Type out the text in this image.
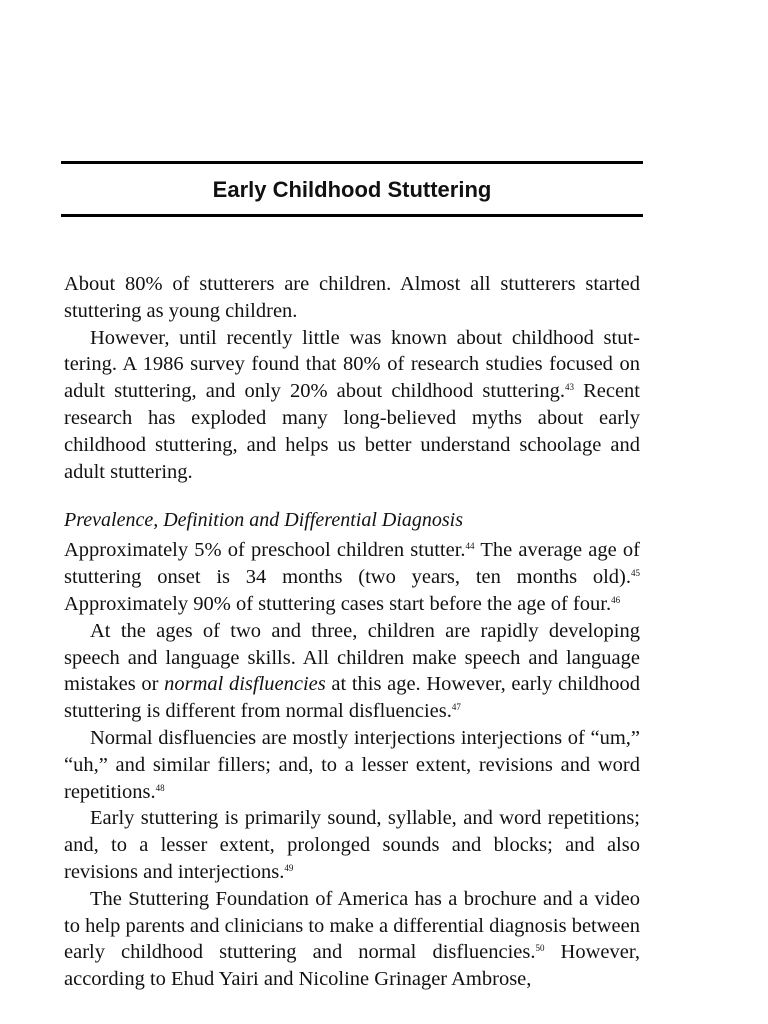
Early Childhood Stuttering

About 80% of stutterers are children. Almost all stutterers started stuttering as young children.

However, until recently little was known about childhood stuttering. A 1986 survey found that 80% of research studies focused on adult stuttering, and only 20% about childhood stuttering.$^{43}$ Recent research has exploded many long-believed myths about early childhood stuttering, and helps us better understand schoolage and adult stuttering.

Prevalence, Definition and Differential Diagnosis

Approximately 5% of preschool children stutter.$^{44}$ The average age of stuttering onset is 34 months (two years, ten months old).$^{45}$ Approximately 90% of stuttering cases start before the age of four.$^{46}$

At the ages of two and three, children are rapidly developing speech and language skills. All children make speech and language mistakes or normal disfluencies at this age. However, early childhood stuttering is different from normal disfluencies.$^{47}$

Normal disfluencies are mostly interjections interjections of “um,” “uh,” and similar fillers; and, to a lesser extent, revisions and word repetitions.$^{48}$

Early stuttering is primarily sound, syllable, and word repetitions; and, to a lesser extent, prolonged sounds and blocks; and also revisions and interjections.$^{49}$

The Stuttering Foundation of America has a brochure and a video to help parents and clinicians to make a differential diagnosis between early childhood stuttering and normal disfluencies.$^{50}$ However, according to Ehud Yairi and Nicoline Grinager Ambrose,
